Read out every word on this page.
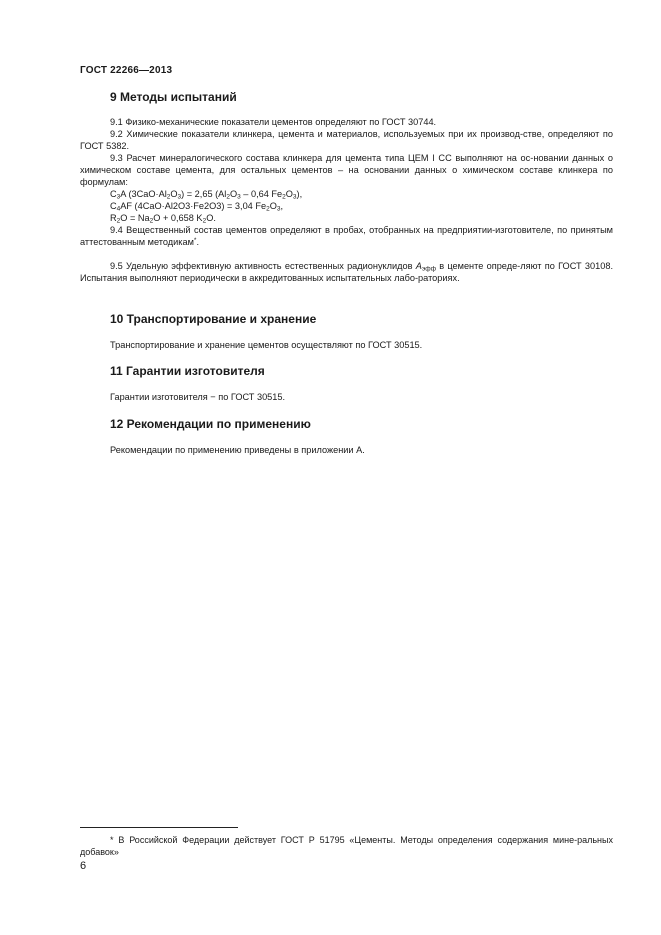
ГОСТ 22266—2013
9 Методы испытаний
9.1 Физико-механические показатели цементов определяют по ГОСТ 30744.
9.2 Химические показатели клинкера, цемента и материалов, используемых при их производ-стве, определяют по ГОСТ 5382.
9.3 Расчет минералогического состава клинкера для цемента типа ЦЕМ I СС выполняют на ос-новании данных о химическом составе цемента, для остальных цементов – на основании данных о химическом составе клинкера по формулам:
$C_3A$ $(3CaO\cdot Al_2O_3) = 2,65$ ($Al_2O_3 - 0,64$ $Fe_2O_3$),
$C_4AF$ (4CaO·Al2O3·Fe2O3) = 3,04 $Fe_2O_3$,
$R_2O = Na_2O + 0,658$ $K_2O$.
9.4 Вещественный состав цементов определяют в пробах, отобранных на предприятии-изготовителе, по принятым аттестованным методикам*.
9.5 Удельную эффективную активность естественных радионуклидов $A_{эфф}$ в цементе опреде-ляют по ГОСТ 30108. Испытания выполняют периодически в аккредитованных испытательных лабо-раториях.
10 Транспортирование и хранение
Транспортирование и хранение цементов осуществляют по ГОСТ 30515.
11 Гарантии изготовителя
Гарантии изготовителя − по ГОСТ 30515.
12 Рекомендации по применению
Рекомендации по применению приведены в приложении А.
* В Российской Федерации действует ГОСТ Р 51795 «Цементы. Методы определения содержания мине-ральных добавок»
6
